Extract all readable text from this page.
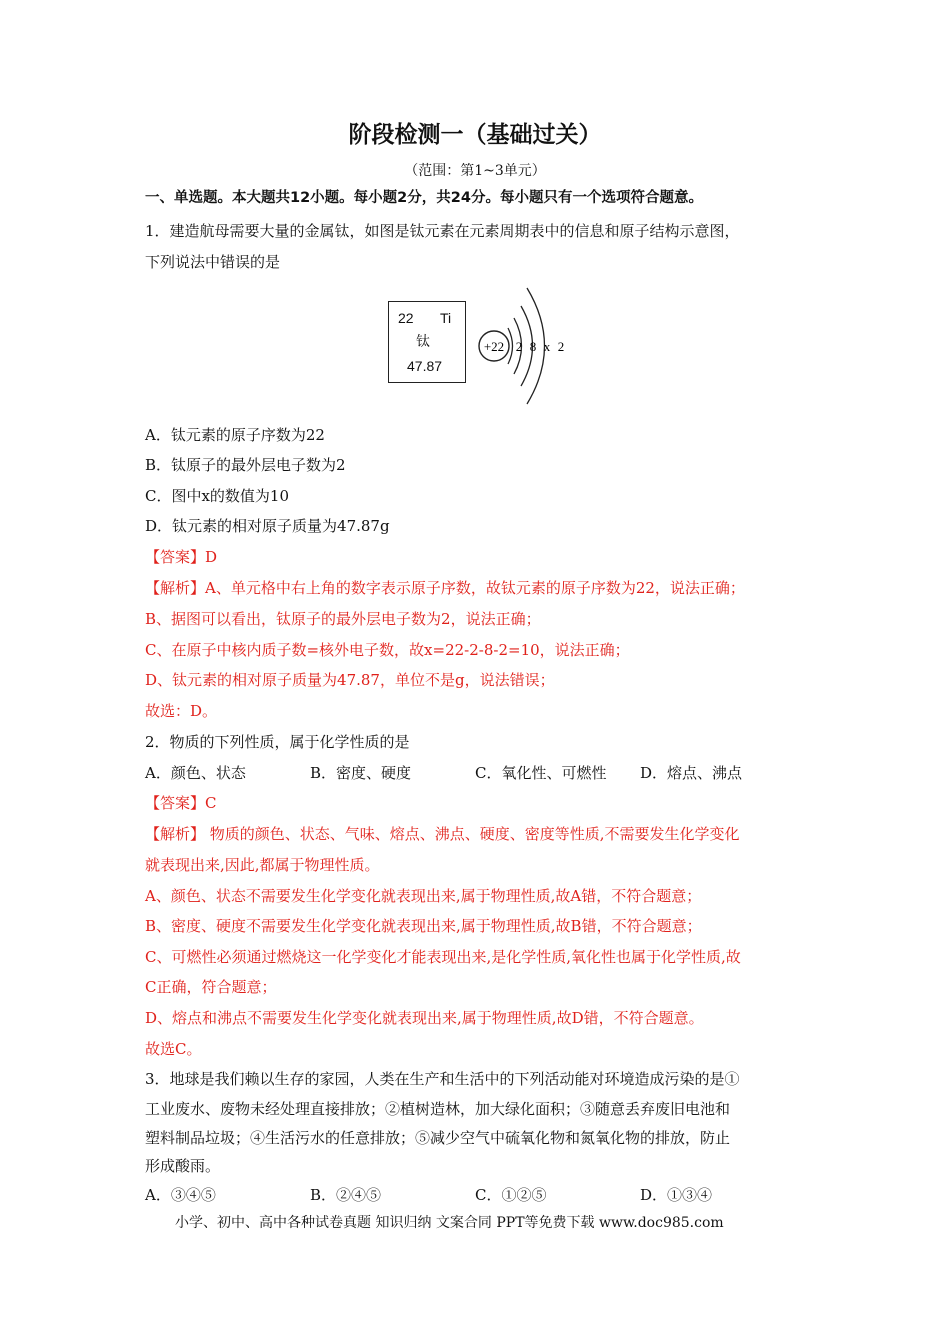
阶段检测一（基础过关）
（范围：第1~3单元）
一、单选题。本大题共12小题。每小题2分，共24分。每小题只有一个选项符合题意。
1．建造航母需要大量的金属钛，如图是钛元素在元素周期表中的信息和原子结构示意图，
下列说法中错误的是
22 Ti
钛
47.87
+22 2 8 x 2
A．钛元素的原子序数为22
B．钛原子的最外层电子数为2
C．图中x的数值为10
D．钛元素的相对原子质量为47.87g
【答案】D
【解析】A、单元格中右上角的数字表示原子序数，故钛元素的原子序数为22，说法正确；
B、据图可以看出，钛原子的最外层电子数为2，说法正确；
C、在原子中核内质子数=核外电子数，故x=22-2-8-2=10，说法正确；
D、钛元素的相对原子质量为47.87，单位不是g，说法错误；
故选：D。
2．物质的下列性质，属于化学性质的是
A．颜色、状态	B．密度、硬度	C．氧化性、可燃性 D．熔点、沸点
【答案】C
【解析】 物质的颜色、状态、气味、熔点、沸点、硬度、密度等性质,不需要发生化学变化
就表现出来,因此,都属于物理性质。
A、颜色、状态不需要发生化学变化就表现出来,属于物理性质,故A错，不符合题意；
B、密度、硬度不需要发生化学变化就表现出来,属于物理性质,故B错，不符合题意；
C、可燃性必须通过燃烧这一化学变化才能表现出来,是化学性质,氧化性也属于化学性质,故
C正确，符合题意；
D、熔点和沸点不需要发生化学变化就表现出来,属于物理性质,故D错，不符合题意。
故选C。
3．地球是我们赖以生存的家园，人类在生产和生活中的下列活动能对环境造成污染的是①
工业废水、废物未经处理直接排放；②植树造林，加大绿化面积；③随意丢弃废旧电池和
塑料制品垃圾；④生活污水的任意排放；⑤减少空气中硫氧化物和氮氧化物的排放，防止
形成酸雨。
A．③④⑤	B．②④⑤	C．①②⑤	D．①③④
小学、初中、高中各种试卷真题 知识归纳 文案合同 PPT等免费下载 www.doc985.com
